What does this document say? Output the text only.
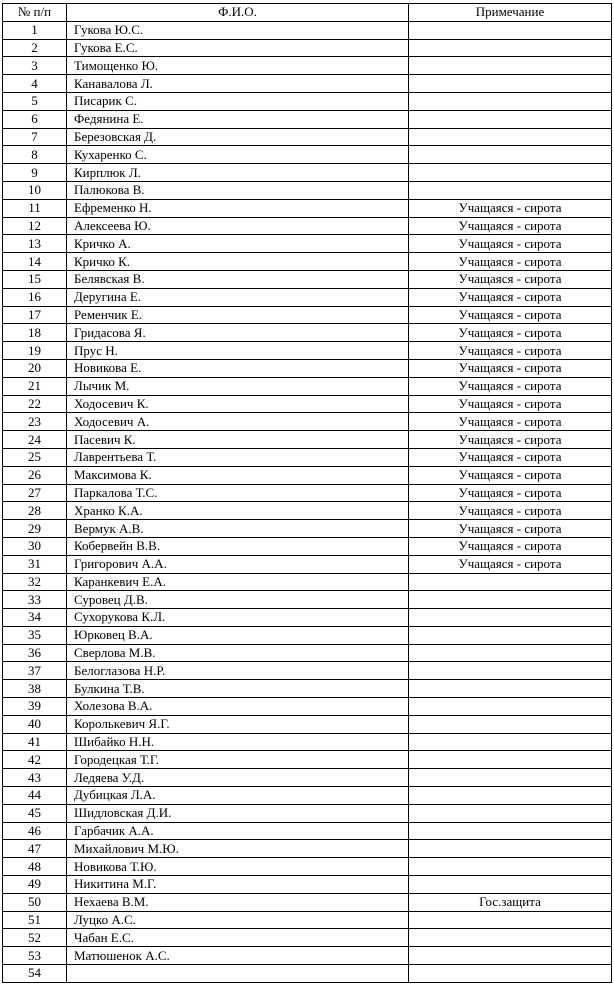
№ п/п	Ф.И.О.	Примечание
1	Гукова Ю.С.	
2	Гукова Е.С.	
3	Тимощенко Ю.	
4	Канавалова Л.	
5	Писарик С.	
6	Федянина Е.	
7	Березовская Д.	
8	Кухаренко С.	
9	Кирплюк Л.	
10	Палюкова В.	
11	Ефременко Н.	Учащаяся - сирота
12	Алексеева Ю.	Учащаяся - сирота
13	Кричко А.	Учащаяся - сирота
14	Кричко К.	Учащаяся - сирота
15	Белявская В.	Учащаяся - сирота
16	Деругина Е.	Учащаяся - сирота
17	Ременчик Е.	Учащаяся - сирота
18	Гридасова Я.	Учащаяся - сирота
19	Прус Н.	Учащаяся - сирота
20	Новикова Е.	Учащаяся - сирота
21	Лычик М.	Учащаяся - сирота
22	Ходосевич К.	Учащаяся - сирота
23	Ходосевич А.	Учащаяся - сирота
24	Пасевич К.	Учащаяся - сирота
25	Лаврентьева Т.	Учащаяся - сирота
26	Максимова К.	Учащаяся - сирота
27	Паркалова Т.С.	Учащаяся - сирота
28	Хранко К.А.	Учащаяся - сирота
29	Вермук А.В.	Учащаяся - сирота
30	Кобервейн В.В.	Учащаяся - сирота
31	Григорович А.А.	Учащаяся - сирота
32	Каранкевич Е.А.	
33	Суровец Д.В.	
34	Сухорукова К.Л.	
35	Юрковец В.А.	
36	Сверлова М.В.	
37	Белоглазова Н.Р.	
38	Булкина Т.В.	
39	Холезова В.А.	
40	Королькевич Я.Г.	
41	Шибайко Н.Н.	
42	Городецкая Т.Г.	
43	Ледяева У.Д.	
44	Дубицкая Л.А.	
45	Шидловская Д.И.	
46	Гарбачик А.А.	
47	Михайлович М.Ю.	
48	Новикова Т.Ю.	
49	Никитина М.Г.	
50	Нехаева В.М.	Гос.защита
51	Луцко А.С.	
52	Чабан Е.С.	
53	Матюшенок А.С.	
54		
